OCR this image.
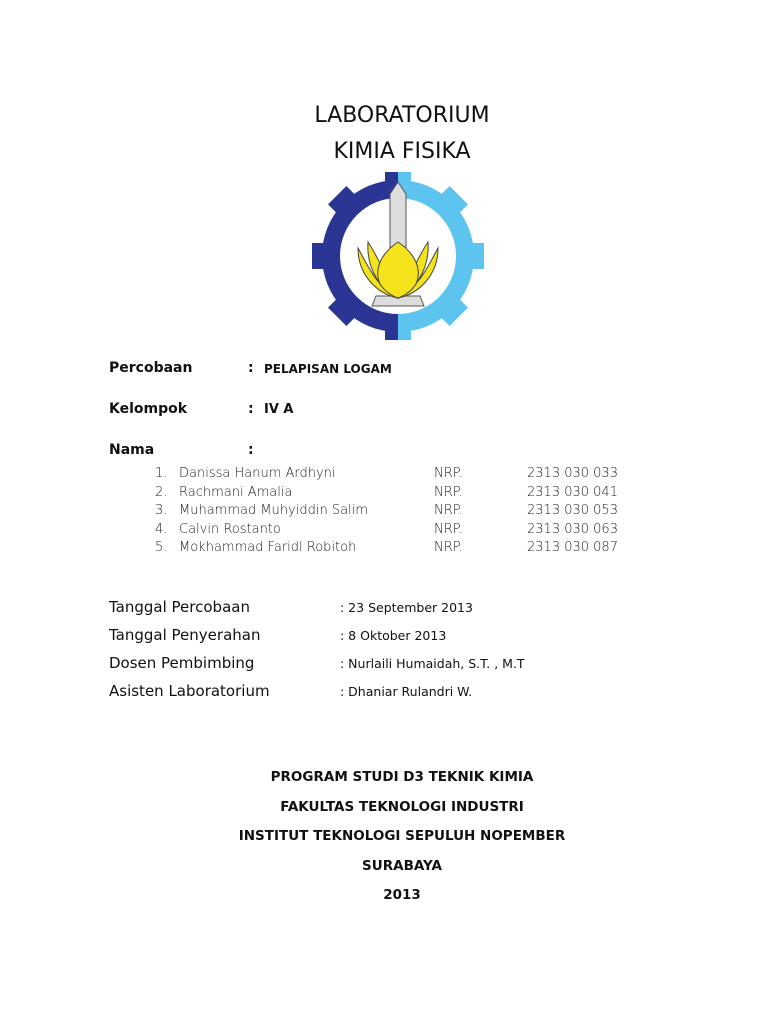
LABORATORIUM
KIMIA FISIKA
Percobaan	: PELAPISAN LOGAM
Kelompok	: IV A
Nama	:
1. Danissa Hanum Ardhyni	NRP.	2313 030 033
2. Rachmani Amalia	NRP.	2313 030 041
3. Muhammad Muhyiddin Salim	NRP.	2313 030 053
4. Calvin Rostanto	NRP.	2313 030 063
5. Mokhammad Faridl Robitoh	NRP.	2313 030 087
Tanggal Percobaan	: 23 September 2013
Tanggal Penyerahan	: 8 Oktober 2013
Dosen Pembimbing	: Nurlaili Humaidah, S.T. , M.T
Asisten Laboratorium	: Dhaniar Rulandri W.
PROGRAM STUDI D3 TEKNIK KIMIA
FAKULTAS TEKNOLOGI INDUSTRI
INSTITUT TEKNOLOGI SEPULUH NOPEMBER
SURABAYA
2013
